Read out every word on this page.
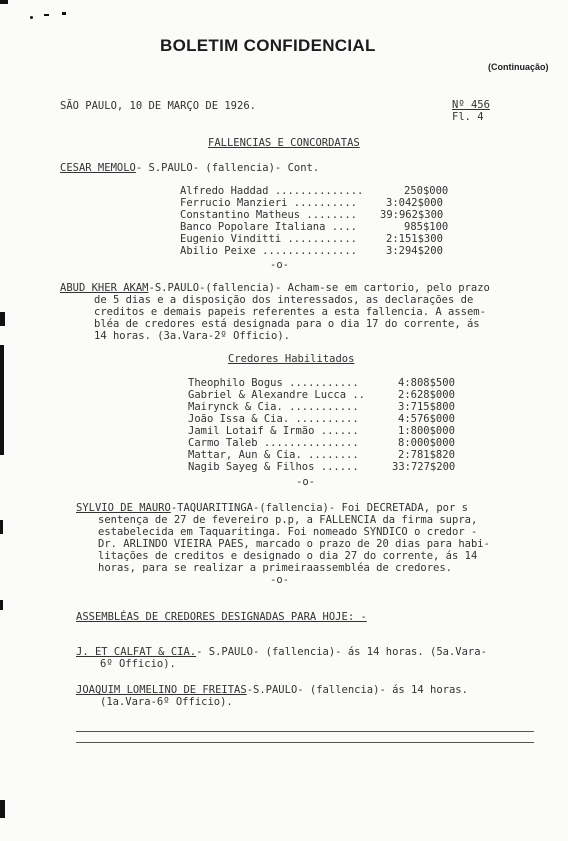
BOLETIM CONFIDENCIAL
(Continuação)
SÃO PAULO, 10 DE MARÇO DE 1926.	Nº 456
Fl. 4
FALLENCIAS E CONCORDATAS
CESAR MEMOLO- S.PAULO- (fallencia)- Cont.
Alfredo Haddad ..............	250$000
Ferrucio Manzieri ..........	3:042$000
Constantino Matheus ........ 39:962$300
Banco Popolare Italiana ....	985$100
Eugenio Vinditti ...........	2:151$300
Abilio Peixe ...............	3:294$200
-o-
ABUD KHER AKAM-S.PAULO-(fallencia)- Acham-se em cartorio, pelo prazo
de 5 dias e a disposição dos interessados, as declarações de
creditos e demais papeis referentes a esta fallencia. A assem-
bléa de credores está designada para o dia 17 do corrente, ás
14 horas. (3a.Vara-2º Officio).
Credores Habilitados
Theophilo Bogus ...........	4:808$500
Gabriel & Alexandre Lucca ..	2:628$000
Mairynck & Cia. ...........	3:715$800
João Issa & Cia. ..........	4:576$000
Jamil Lotaif & Irmão ......	1:800$000
Carmo Taleb ...............	8:000$000
Mattar, Aun & Cia. ........	2:781$820
Nagib Sayeg & Filhos ......	33:727$200
-o-
SYLVIO DE MAURO-TAQUARITINGA-(fallencia)- Foi DECRETADA, por s
sentença de 27 de fevereiro p.p, a FALLENCIA da firma supra,
estabelecida em Taquaritinga. Foi nomeado SYNDICO o credor -
Dr. ARLINDO VIEIRA PAES, marcado o prazo de 20 dias para habi-
litações de creditos e designado o dia 27 do corrente, ás 14
horas, para se realizar a primeiraassembléa de credores.
-o-
ASSEMBLÉAS DE CREDORES DESIGNADAS PARA HOJE: -
J. ET CALFAT & CIA.- S.PAULO- (fallencia)- ás 14 horas. (5a.Vara-
6º Officio).
JOAQUIM LOMELINO DE FREITAS-S.PAULO- (fallencia)- ás 14 horas.
(1a.Vara-6º Officio).
